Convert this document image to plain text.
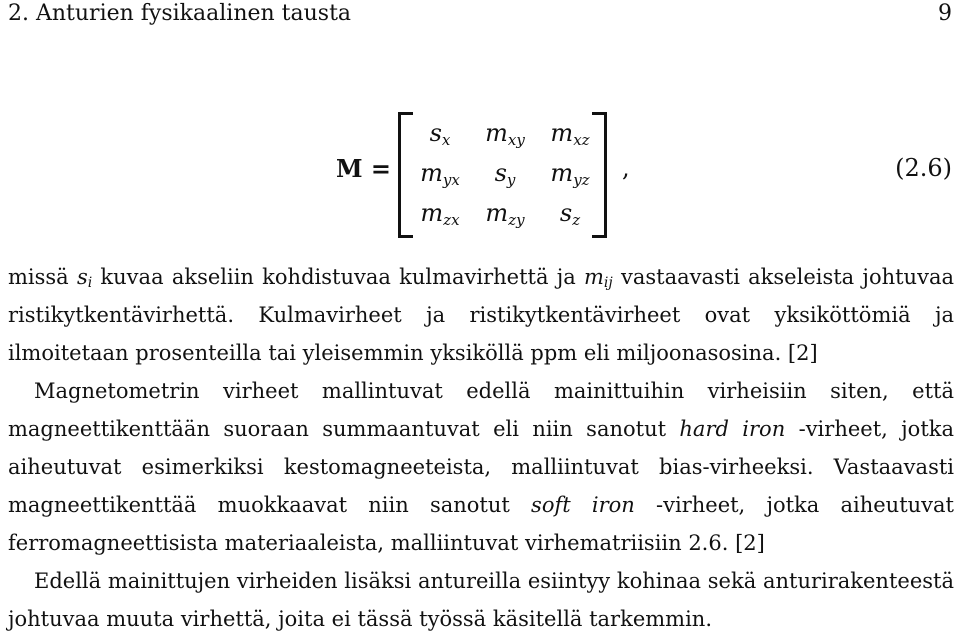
2. Anturien fysikaalinen tausta	9
M =
$s_x$	$m_{xy}$	$m_{xz}$
$m_{yx}$	$s_y$	$m_{yz}$
$m_{zx}$	$m_{zy}$	$s_z$
,	(2.6)

missä $s_i$ kuvaa akseliin kohdistuvaa kulmavirhettä ja $m_{ij}$ vastaavasti akseleista johtuvaa ristikytkentävirhettä. Kulmavirheet ja ristikytkentävirheet ovat yksiköttömiä ja ilmoitetaan prosenteilla tai yleisemmin yksiköllä ppm eli miljoonasosina. [2]

Magnetometrin virheet mallintuvat edellä mainittuihin virheisiin siten, että magneettikenttään suoraan summaantuvat eli niin sanotut hard iron -virheet, jotka aiheutuvat esimerkiksi kestomagneeteista, malliintuvat bias-virheeksi. Vastaavasti magneettikenttää muokkaavat niin sanotut soft iron -virheet, jotka aiheutuvat ferromagneettisista materiaaleista, malliintuvat virhematriisiin 2.6. [2]

Edellä mainittujen virheiden lisäksi antureilla esiintyy kohinaa sekä anturirakenteestä johtuvaa muuta virhettä, joita ei tässä työssä käsitellä tarkemmin.
